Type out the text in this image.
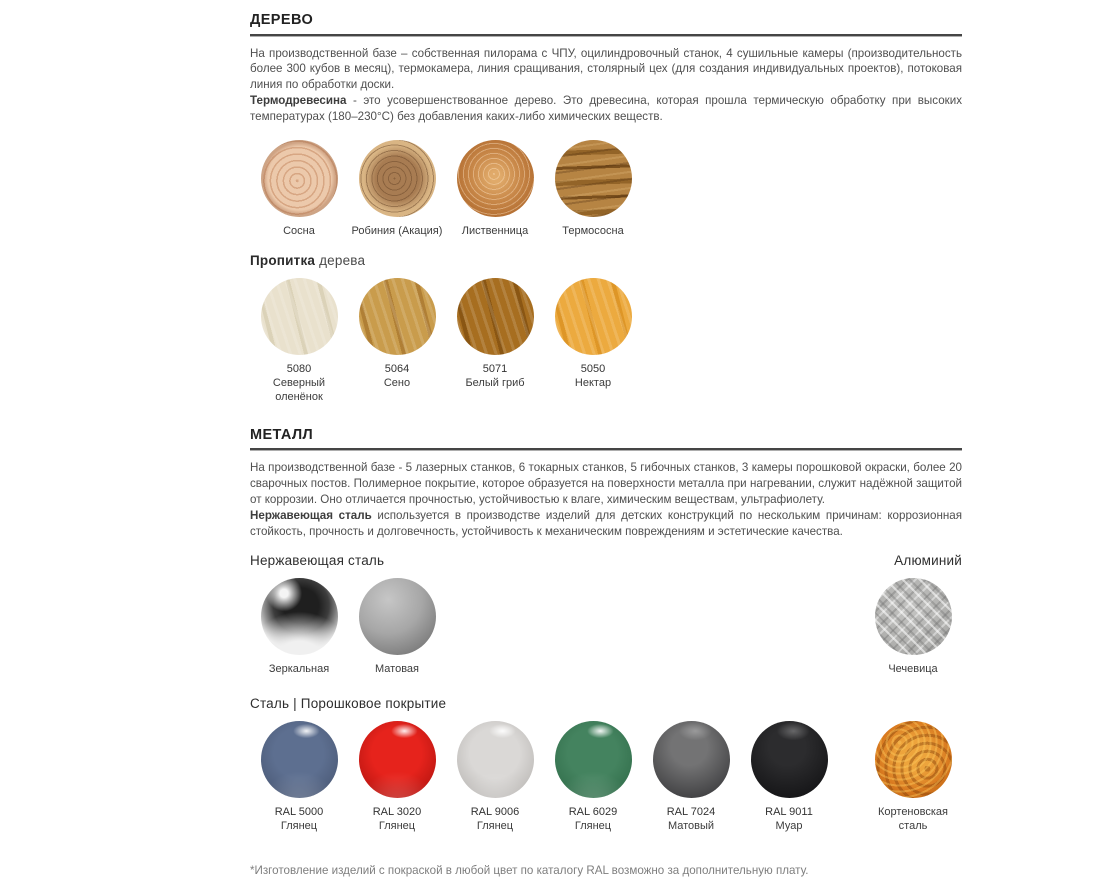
ДЕРЕВО

На производственной базе – собственная пилорама с ЧПУ, оцилиндровочный станок, 4 сушильные камеры (производительность более 300 кубов в месяц), термокамера, линия сращивания, столярный цех (для создания индивидуальных проектов), потоковая линия по обработки доски.

Термодревесина - это усовершенствованное дерево. Это древесина, которая прошла термическую обработку при высоких температурах (180–230°C) без добавления каких-либо химических веществ.

Сосна	Робиния (Акация) Лиственница	Термососна
Пропитка дерева
5080
Северный оленёнок
5064
Сено
5071
Белый гриб
5050
Нектар
МЕТАЛЛ

На производственной базе - 5 лазерных станков, 6 токарных станков, 5 гибочных станков, 3 камеры порошковой окраски, более 20 сварочных постов. Полимерное покрытие, которое образуется на поверхности металла при нагревании, служит надёжной защитой от коррозии. Оно отличается прочностью, устойчивостью к влаге, химическим веществам, ультрафиолету.

Нержавеющая сталь используется в производстве изделий для детских конструкций по нескольким причинам: коррозионная стойкость, прочность и долговечность, устойчивость к механическим повреждениям и эстетические качества.

Нержавеющая сталь	Алюминий
Зеркальная	Матовая	Чечевица
Сталь | Порошковое покрытие
RAL 5000
Глянец
RAL 3020
Глянец
RAL 9006
Глянец
RAL 6029
Глянец
RAL 7024
Матовый
RAL 9011
Муар
Кортеновская
сталь
*Изготовление изделий с покраской в любой цвет по каталогу RAL возможно за дополнительную плату.
